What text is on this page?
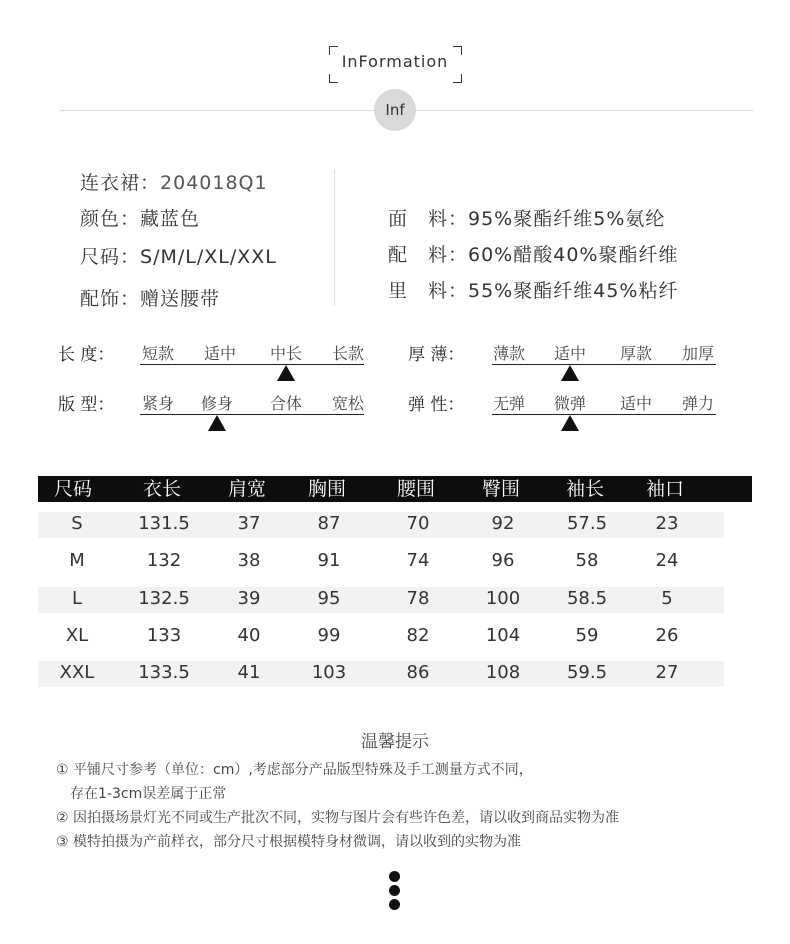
InFormation
Inf
连衣裙：204018Q1
颜色：藏蓝色
尺码：S/M/L/XL/XXL
配饰：赠送腰带
面　料：95%聚酯纤维5%氨纶
配　料：60%醋酸40%聚酯纤维
里　料：55%聚酯纤维45%粘纤
长 度：	短款	适中	中长	长款	厚 薄：	薄款	适中	厚款	加厚
版 型：	紧身	修身	合体	宽松	弹 性：	无弹	微弹	适中	弹力
尺码	衣长 肩宽 胸围	腰围 臀围 袖长 袖口
S	131.5	37	87	70	92	57.5	23
M	132	38	91	74	96	58	24
L	132.5	39	95	78	100	58.5	5
XL	133	40	99	82	104	59	26
XXL	133.5	41	103	86	108	59.5	27
温馨提示
① 平铺尺寸参考（单位：cm）,考虑部分产品版型特殊及手工测量方式不同，
　存在1-3cm误差属于正常
② 因拍摄场景灯光不同或生产批次不同，实物与图片会有些许色差，请以收到商品实物为准
③ 模特拍摄为产前样衣，部分尺寸根据模特身材微调，请以收到的实物为准
